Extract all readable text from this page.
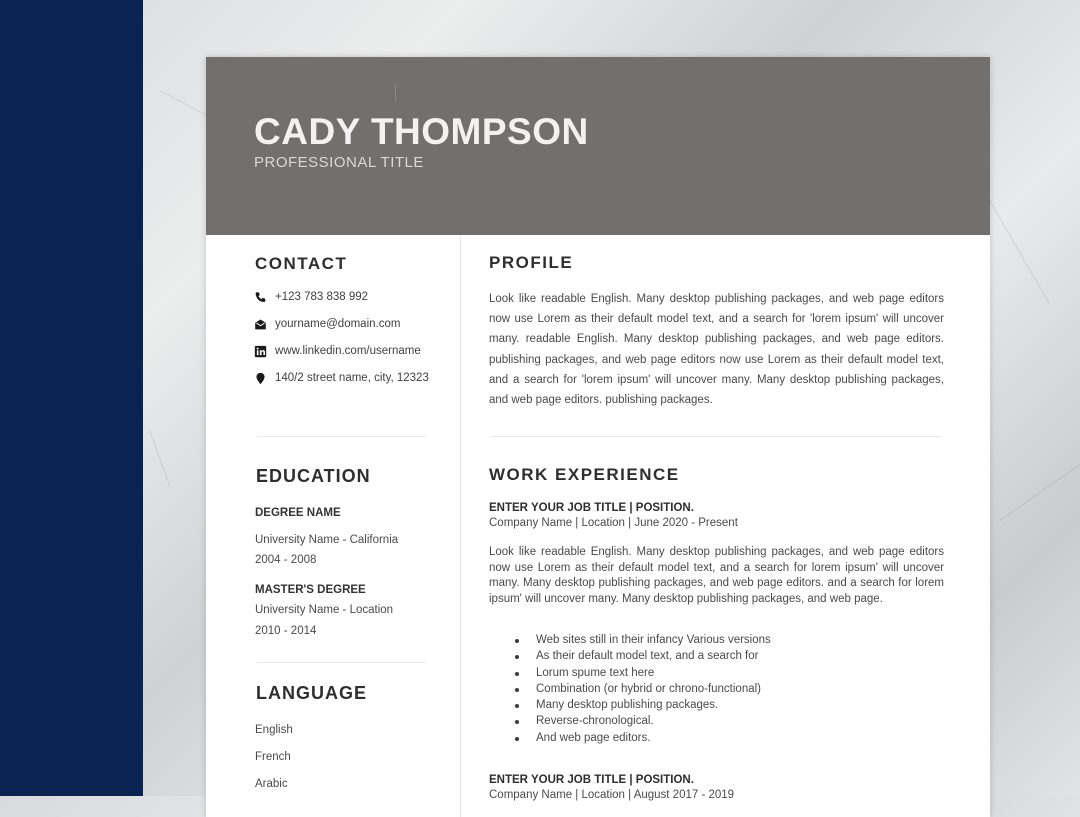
CADY THOMPSON
PROFESSIONAL TITLE
CONTACT
+123 783 838 992
yourname@domain.com
www.linkedin.com/username
140/2 street name, city, 12323
EDUCATION
DEGREE NAME
University Name - California
2004 - 2008
MASTER'S DEGREE
University Name - Location
2010 - 2014
LANGUAGE
English
French
Arabic
PROFILE
Look like readable English. Many desktop publishing packages, and web page editors now use Lorem as their default model text, and a search for 'lorem ipsum' will uncover many. readable English. Many desktop publishing packages, and web page editors. publishing packages, and web page editors now use Lorem as their default model text, and a search for 'lorem ipsum' will uncover many. Many desktop publishing packages, and web page editors. publishing packages.
WORK EXPERIENCE
ENTER YOUR JOB TITLE | POSITION.
Company Name | Location | June 2020 - Present
Look like readable English. Many desktop publishing packages, and web page editors now use Lorem as their default model text, and a search for lorem ipsum' will uncover many. Many desktop publishing packages, and web page editors. and a search for lorem ipsum' will uncover many. Many desktop publishing packages, and web page.
Web sites still in their infancy Various versions
As their default model text, and a search for
Lorum spume text here
Combination (or hybrid or chrono-functional)
Many desktop publishing packages.
Reverse-chronological.
And web page editors.
ENTER YOUR JOB TITLE | POSITION.
Company Name | Location | August 2017 - 2019
